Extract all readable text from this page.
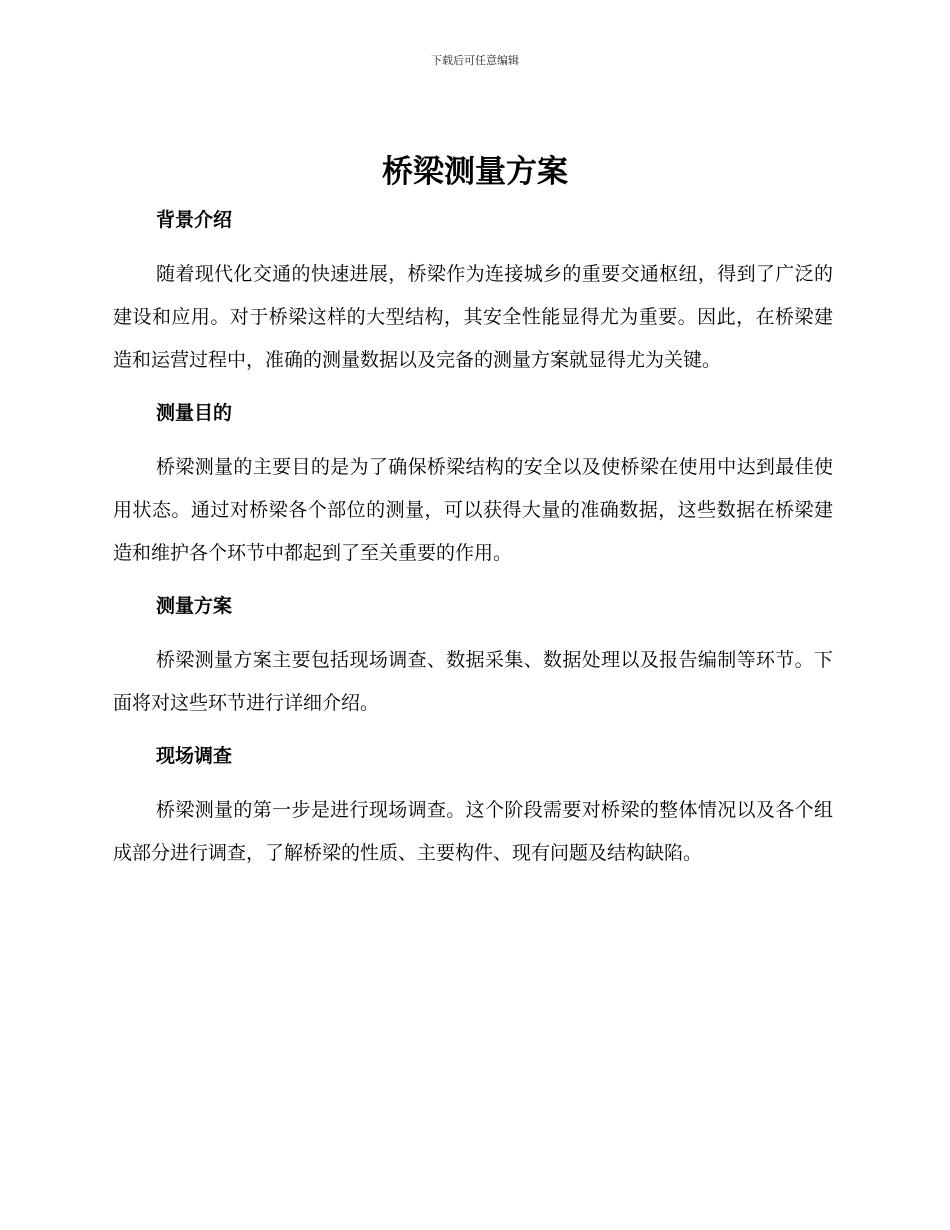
下载后可任意编辑
桥梁测量方案
背景介绍

随着现代化交通的快速进展，桥梁作为连接城乡的重要交通枢纽，得到了广泛的建设和应用。对于桥梁这样的大型结构，其安全性能显得尤为重要。因此，在桥梁建造和运营过程中，准确的测量数据以及完备的测量方案就显得尤为关键。

测量目的

桥梁测量的主要目的是为了确保桥梁结构的安全以及使桥梁在使用中达到最佳使用状态。通过对桥梁各个部位的测量，可以获得大量的准确数据，这些数据在桥梁建造和维护各个环节中都起到了至关重要的作用。

测量方案

桥梁测量方案主要包括现场调查、数据采集、数据处理以及报告编制等环节。下面将对这些环节进行详细介绍。

现场调查

桥梁测量的第一步是进行现场调查。这个阶段需要对桥梁的整体情况以及各个组成部分进行调查，了解桥梁的性质、主要构件、现有问题及结构缺陷。
